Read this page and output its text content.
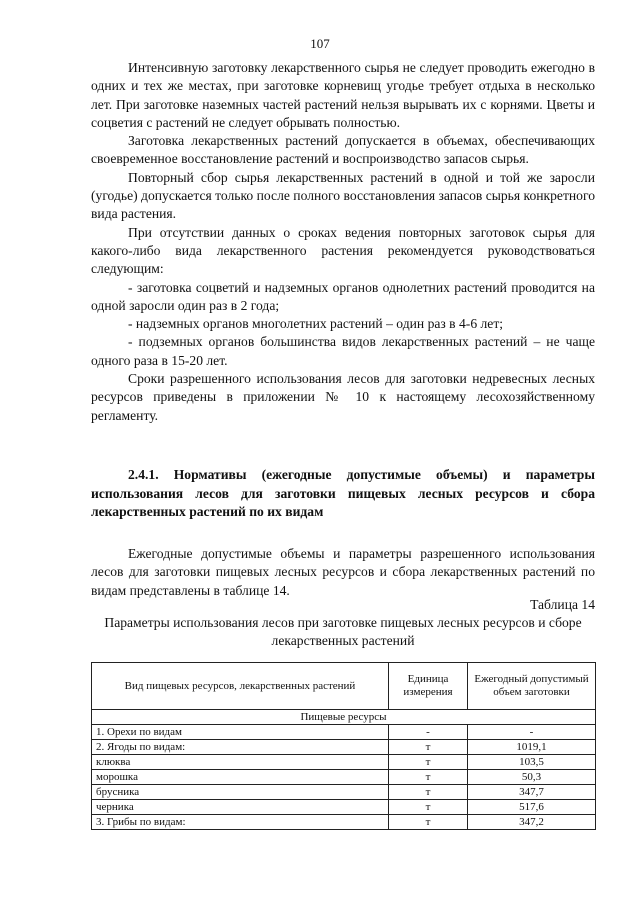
107

Интенсивную заготовку лекарственного сырья не следует проводить ежегодно в одних и тех же местах, при заготовке корневищ угодье требует отдыха в несколько лет. При заготовке наземных частей растений нельзя вырывать их с корнями. Цветы и соцветия с растений не следует обрывать полностью.

Заготовка лекарственных растений допускается в объемах, обеспечивающих своевременное восстановление растений и воспроизводство запасов сырья.

Повторный сбор сырья лекарственных растений в одной и той же заросли (угодье) допускается только после полного восстановления запасов сырья конкретного вида растения.

При отсутствии данных о сроках ведения повторных заготовок сырья для какого-либо вида лекарственного растения рекомендуется руководствоваться следующим:

- заготовка соцветий и надземных органов однолетних растений проводится на одной заросли один раз в 2 года;

- надземных органов многолетних растений – один раз в 4-6 лет;

- подземных органов большинства видов лекарственных растений – не чаще одного раза в 15-20 лет.

Сроки разрешенного использования лесов для заготовки недревесных лесных ресурсов приведены в приложении № 10 к настоящему лесохозяйственному регламенту.

2.4.1. Нормативы (ежегодные допустимые объемы) и параметры использования лесов для заготовки пищевых лесных ресурсов и сбора лекарственных растений по их видам
Ежегодные допустимые объемы и параметры разрешенного использования лесов для заготовки пищевых лесных ресурсов и сбора лекарственных растений по видам представлены в таблице 14.
Таблица 14
Параметры использования лесов при заготовке пищевых лесных ресурсов и сборе лекарственных растений
Вид пищевых ресурсов, лекарственных растений	Единица измерения	Ежегодный допустимый объем заготовки
Пищевые ресурсы		
1. Орехи по видам	-	-
2. Ягоды по видам:	т	1019,1
клюква	т	103,5
морошка	т	50,3
брусника	т	347,7
черника	т	517,6
3. Грибы по видам:	т	347,2
